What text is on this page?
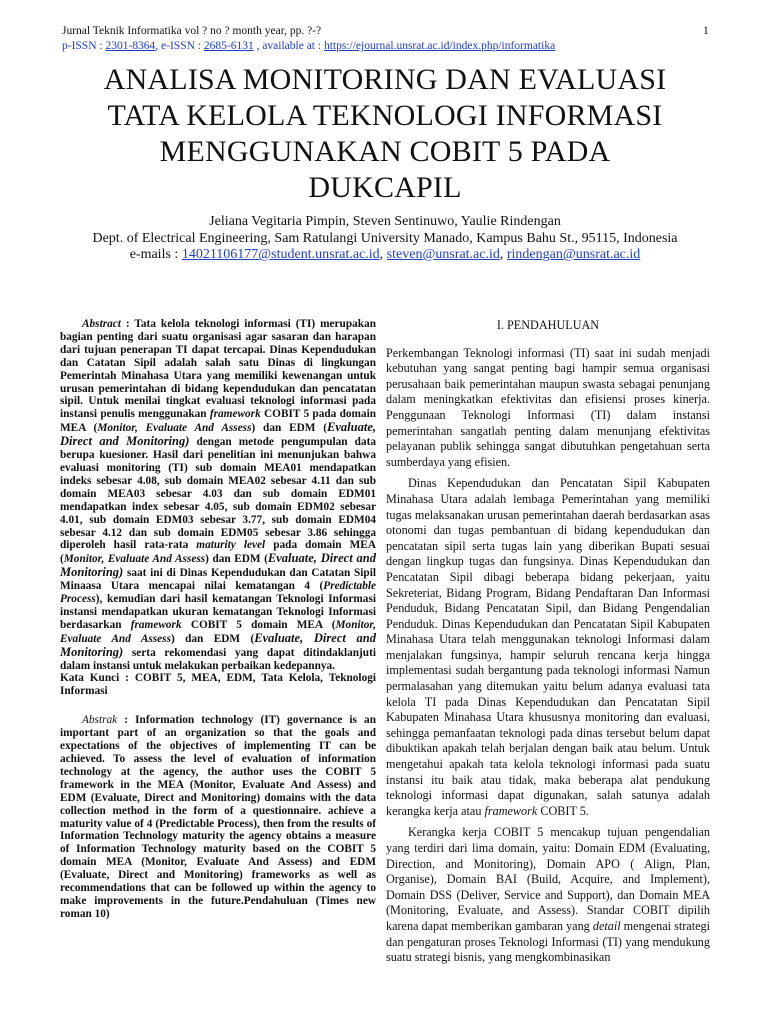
Jurnal Teknik Informatika vol ? no ? month year, pp. ?-?	1
p-ISSN : 2301-8364, e-ISSN : 2685-6131 , available at : https://ejournal.unsrat.ac.id/index.php/informatika
ANALISA MONITORING DAN EVALUASI
TATA KELOLA TEKNOLOGI INFORMASI
MENGGUNAKAN COBIT 5 PADA
DUKCAPIL
Jeliana Vegitaria Pimpin, Steven Sentinuwo, Yaulie Rindengan
Dept. of Electrical Engineering, Sam Ratulangi University Manado, Kampus Bahu St., 95115, Indonesia
e-mails : 14021106177@student.unsrat.ac.id, steven@unsrat.ac.id, rindengan@unsrat.ac.id

Abstract : Tata kelola teknologi informasi (TI) merupakan bagian penting dari suatu organisasi agar sasaran dan harapan dari tujuan penerapan TI dapat tercapai. Dinas Kependudukan dan Catatan Sipil adalah salah satu Dinas di lingkungan Pemerintah Minahasa Utara yang memiliki kewenangan untuk urusan pemerintahan di bidang kependudukan dan pencatatan sipil. Untuk menilai tingkat evaluasi teknologi informasi pada instansi penulis menggunakan framework COBIT 5 pada domain MEA (Monitor, Evaluate And Assess) dan EDM (Evaluate, Direct and Monitoring) dengan metode pengumpulan data berupa kuesioner. Hasil dari penelitian ini menunjukan bahwa evaluasi monitoring (TI) sub domain MEA01 mendapatkan indeks sebesar 4.08, sub domain MEA02 sebesar 4.11 dan sub domain MEA03 sebesar 4.03 dan sub domain EDM01 mendapatkan index sebesar 4.05, sub domain EDM02 sebesar 4.01, sub domain EDM03 sebesar 3.77, sub domain EDM04 sebesar 4.12 dan sub domain EDM05 sebesar 3.86 sehingga diperoleh hasil rata-rata maturity level pada domain MEA (Monitor, Evaluate And Assess) dan EDM (Evaluate, Direct and Monitoring) saat ini di Dinas Kependudukan dan Catatan Sipil Minaasa Utara mencapai nilai kematangan 4 (Predictable Process), kemudian dari hasil kematangan Teknologi Informasi instansi mendapatkan ukuran kematangan Teknologi Informasi berdasarkan framework COBIT 5 domain MEA (Monitor, Evaluate And Assess) dan EDM (Evaluate, Direct and Monitoring) serta rekomendasi yang dapat ditindaklanjuti dalam instansi untuk melakukan perbaikan kedepannya.

Kata Kunci : COBIT 5, MEA, EDM, Tata Kelola, Teknologi Informasi

Abstrak : Information technology (IT) governance is an important part of an organization so that the goals and expectations of the objectives of implementing IT can be achieved. To assess the level of evaluation of information technology at the agency, the author uses the COBIT 5 framework in the MEA (Monitor, Evaluate And Assess) and EDM (Evaluate, Direct and Monitoring) domains with the data collection method in the form of a questionnaire. achieve a maturity value of 4 (Predictable Process), then from the results of Information Technology maturity the agency obtains a measure of Information Technology maturity based on the COBIT 5 domain MEA (Monitor, Evaluate And Assess) and EDM (Evaluate, Direct and Monitoring) frameworks as well as recommendations that can be followed up within the agency to make improvements in the future.Pendahuluan (Times new roman 10)

I. PENDAHULUAN

Perkembangan Teknologi informasi (TI) saat ini sudah menjadi kebutuhan yang sangat penting bagi hampir semua organisasi perusahaan baik pemerintahan maupun swasta sebagai penunjang dalam meningkatkan efektivitas dan efisiensi proses kinerja. Penggunaan Teknologi Informasi (TI) dalam instansi pemerintahan sangatlah penting dalam menunjang efektivitas pelayanan publik sehingga sangat dibutuhkan pengetahuan serta sumberdaya yang efisien.

Dinas Kependudukan dan Pencatatan Sipil Kabupaten Minahasa Utara adalah lembaga Pemerintahan yang memiliki tugas melaksanakan urusan pemerintahan daerah berdasarkan asas otonomi dan tugas pembantuan di bidang kependudukan dan pencatatan sipil serta tugas lain yang diberikan Bupati sesuai dengan lingkup tugas dan fungsinya. Dinas Kependudukan dan Pencatatan Sipil dibagi beberapa bidang pekerjaan, yaitu Sekreteriat, Bidang Program, Bidang Pendaftaran Dan Informasi Penduduk, Bidang Pencatatan Sipil, dan Bidang Pengendalian Penduduk. Dinas Kependudukan dan Pencatatan Sipil Kabupaten Minahasa Utara telah menggunakan teknologi Informasi dalam menjalakan fungsinya, hampir seluruh rencana kerja hingga implementasi sudah bergantung pada teknologi informasi Namun permalasahan yang ditemukan yaitu belum adanya evaluasi tata kelola TI pada Dinas Kependudukan dan Pencatatan Sipil Kabupaten Minahasa Utara khususnya monitoring dan evaluasi, sehingga pemanfaatan teknologi pada dinas tersebut belum dapat dibuktikan apakah telah berjalan dengan baik atau belum. Untuk mengetahui apakah tata kelola teknologi informasi pada suatu instansi itu baik atau tidak, maka beberapa alat pendukung teknologi informasi dapat digunakan, salah satunya adalah kerangka kerja atau framework COBIT 5.

Kerangka kerja COBIT 5 mencakup tujuan pengendalian yang terdiri dari lima domain, yaitu: Domain EDM (Evaluating, Direction, and Monitoring), Domain APO ( Align, Plan, Organise), Domain BAI (Build, Acquire, and Implement), Domain DSS (Deliver, Service and Support), dan Domain MEA (Monitoring, Evaluate, and Assess). Standar COBIT dipilih karena dapat memberikan gambaran yang detail mengenai strategi dan pengaturan proses Teknologi Informasi (TI) yang mendukung suatu strategi bisnis, yang mengkombinasikan
